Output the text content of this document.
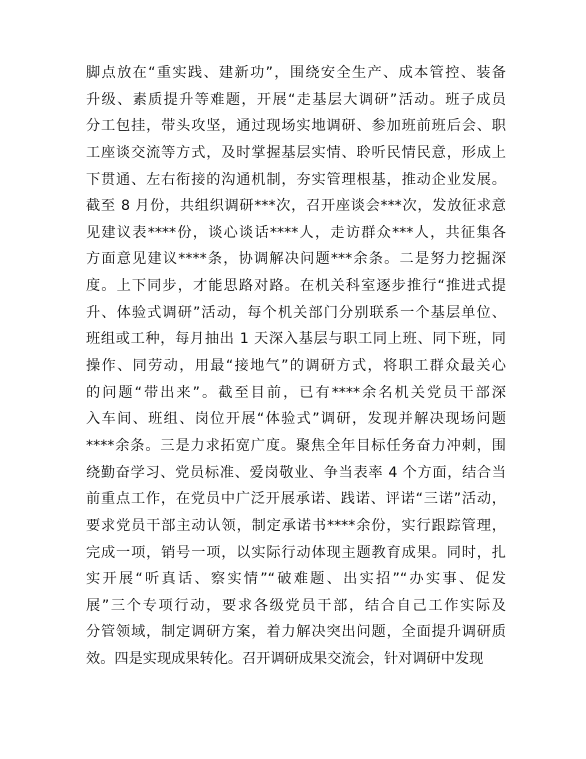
脚点放在“重实践、建新功”，围绕安全生产、成本管控、装备
升级、素质提升等难题，开展“走基层大调研”活动。班子成员
分工包挂，带头攻坚，通过现场实地调研、参加班前班后会、职
工座谈交流等方式，及时掌握基层实情、聆听民情民意，形成上
下贯通、左右衔接的沟通机制，夯实管理根基，推动企业发展。
截至 8 月份，共组织调研***次，召开座谈会***次，发放征求意
见建议表****份，谈心谈话****人，走访群众***人，共征集各
方面意见建议****条，协调解决问题***余条。二是努力挖掘深
度。上下同步，才能思路对路。在机关科室逐步推行“推进式提
升、体验式调研”活动，每个机关部门分别联系一个基层单位、
班组或工种，每月抽出 1 天深入基层与职工同上班、同下班，同
操作、同劳动，用最“接地气”的调研方式，将职工群众最关心
的问题“带出来”。截至目前，已有****余名机关党员干部深
入车间、班组、岗位开展“体验式”调研，发现并解决现场问题
****余条。三是力求拓宽广度。聚焦全年目标任务奋力冲刺，围
绕勤奋学习、党员标准、爱岗敬业、争当表率 4 个方面，结合当
前重点工作，在党员中广泛开展承诺、践诺、评诺“三诺”活动，
要求党员干部主动认领，制定承诺书****余份，实行跟踪管理，
完成一项，销号一项，以实际行动体现主题教育成果。同时，扎
实开展“听真话、察实情”“破难题、出实招”“办实事、促发
展”三个专项行动，要求各级党员干部，结合自己工作实际及
分管领域，制定调研方案，着力解决突出问题，全面提升调研质
效。四是实现成果转化。召开调研成果交流会，针对调研中发现
